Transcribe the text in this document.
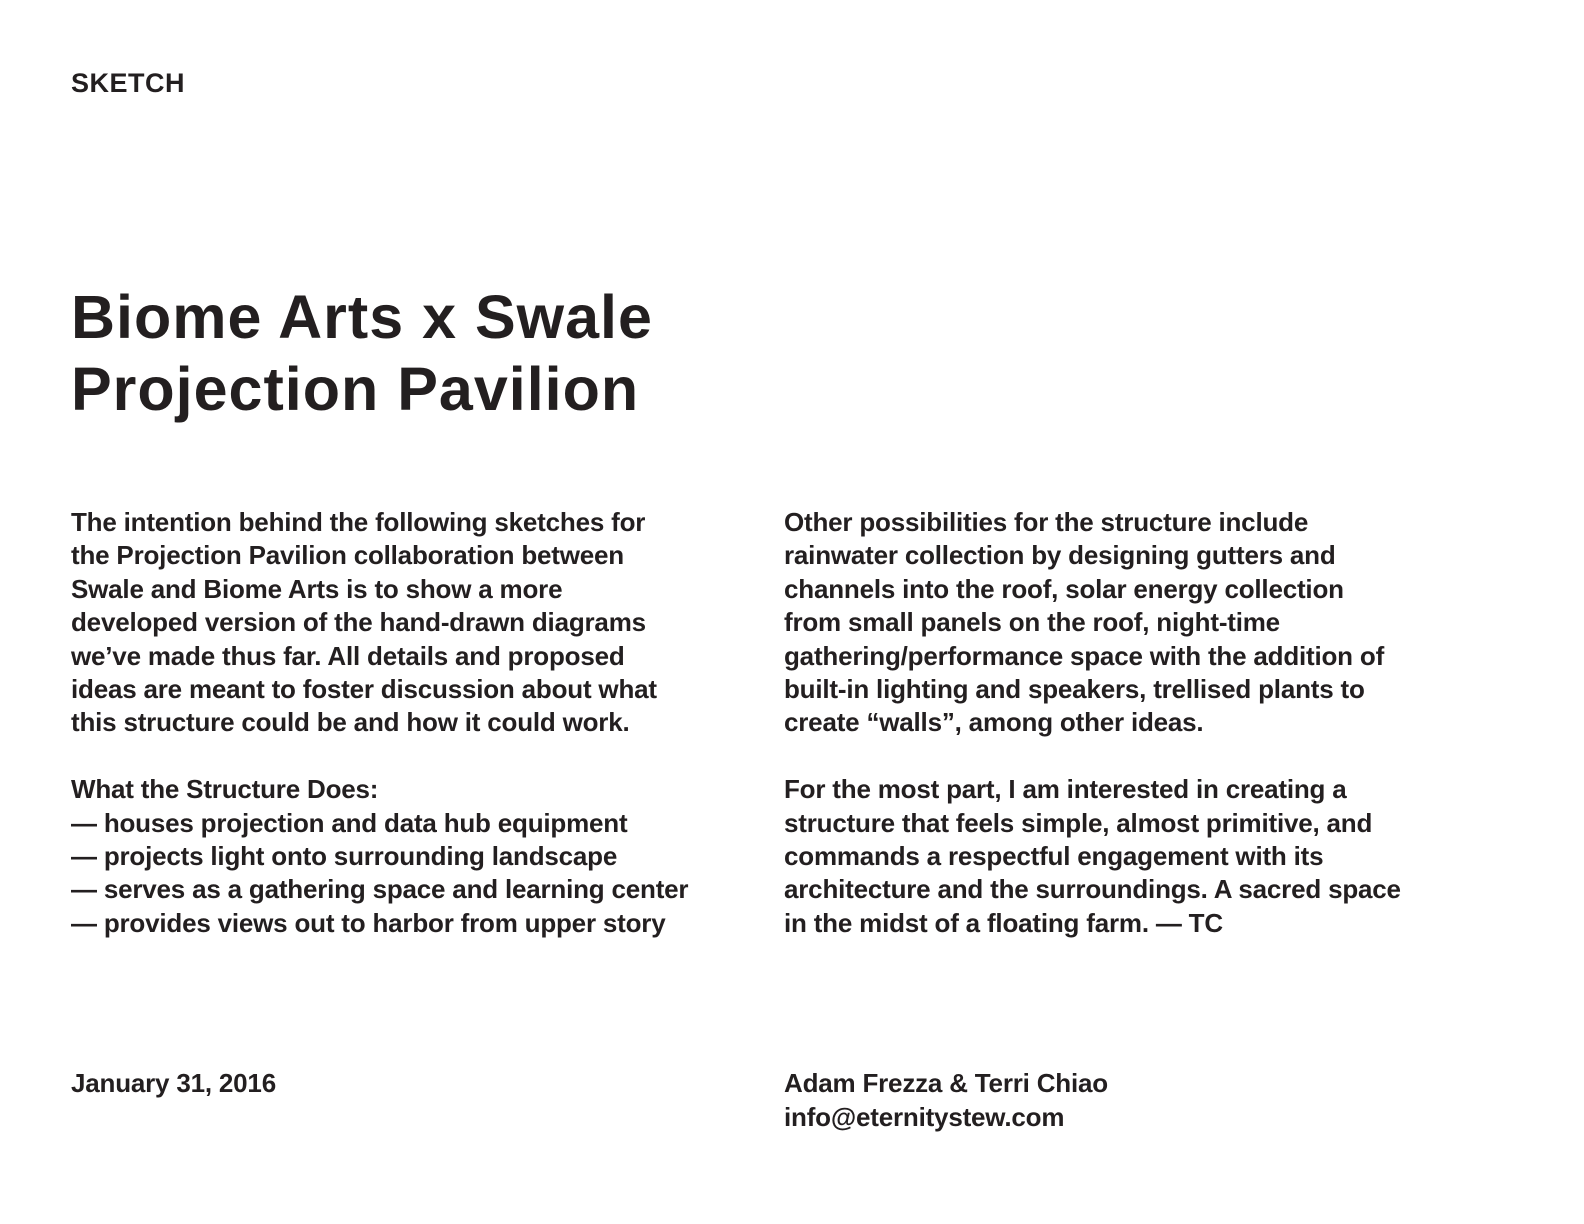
SKETCH
Biome Arts x Swale
Projection Pavilion
The intention behind the following sketches for
the Projection Pavilion collaboration between
Swale and Biome Arts is to show a more
developed version of the hand-drawn diagrams
we’ve made thus far. All details and proposed
ideas are meant to foster discussion about what
this structure could be and how it could work.
What the Structure Does:
— houses projection and data hub equipment
— projects light onto surrounding landscape
— serves as a gathering space and learning center
— provides views out to harbor from upper story
Other possibilities for the structure include
rainwater collection by designing gutters and
channels into the roof, solar energy collection
from small panels on the roof, night-time
gathering/performance space with the addition of
built-in lighting and speakers, trellised plants to
create “walls”, among other ideas.
For the most part, I am interested in creating a
structure that feels simple, almost primitive, and
commands a respectful engagement with its
architecture and the surroundings. A sacred space
in the midst of a floating farm. — TC
January 31, 2016	Adam Frezza & Terri Chiao
info@eternitystew.com
